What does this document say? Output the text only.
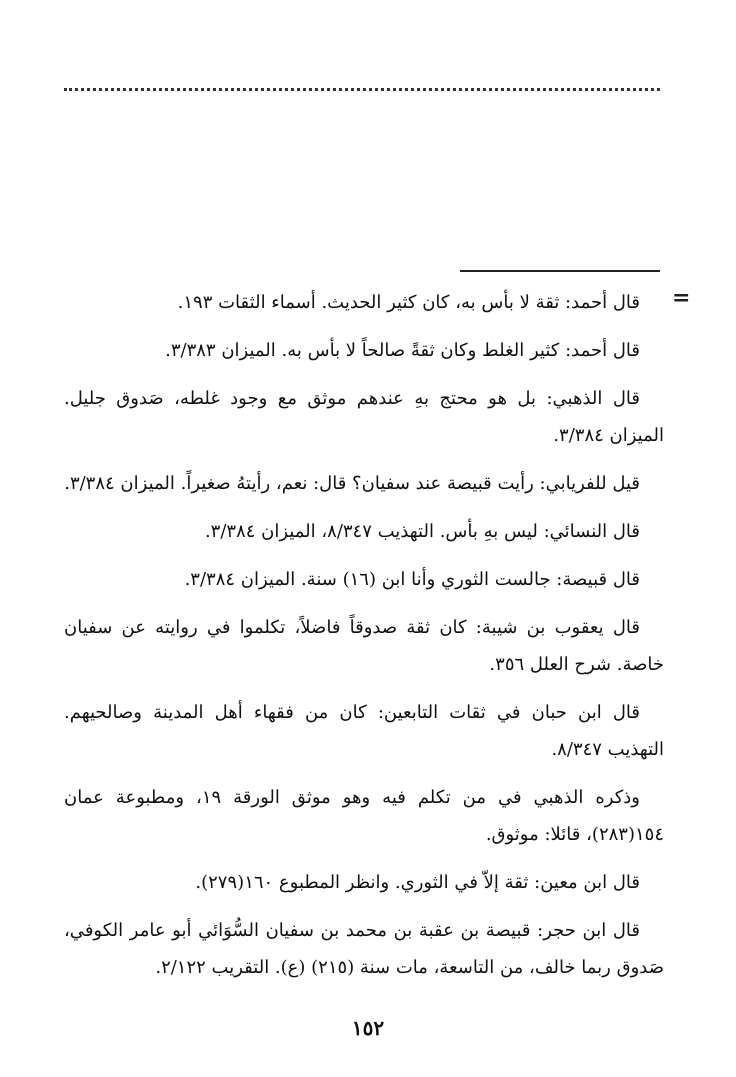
=

قال أحمد: ثقة لا بأس به، كان كثير الحديث. أسماء الثقات ١٩٣.

قال أحمد: كثير الغلط وكان ثقةً صالحاً لا بأس به. الميزان ٣/٣٨٣.

قال الذهبي: بل هو محتج بهِ عندهم موثق مع وجود غلطه، صَدوق جليل. الميزان ٣/٣٨٤.

قيل للفريابي: رأيت قبيصة عند سفيان؟ قال: نعم، رأيتهُ صغيراً. الميزان ٣/٣٨٤.

قال النسائي: ليس بهِ بأس. التهذيب ٨/٣٤٧، الميزان ٣/٣٨٤.

قال قبيصة: جالست الثوري وأنا ابن (١٦) سنة. الميزان ٣/٣٨٤.

قال يعقوب بن شيبة: كان ثقة صدوقاً فاضلاً، تكلموا في روايته عن سفيان خاصة. شرح العلل ٣٥٦.

قال ابن حبان في ثقات التابعين: كان من فقهاء أهل المدينة وصالحيهم. التهذيب ٨/٣٤٧.

وذكره الذهبي في من تكلم فيه وهو موثق الورقة ١٩، ومطبوعة عمان ١٥٤(٢٨٣)، قائلا: موثوق.

قال ابن معين: ثقة إلاّ في الثوري. وانظر المطبوع ١٦٠(٢٧٩).

قال ابن حجر: قبيصة بن عقبة بن محمد بن سفيان السُّوَائي أبو عامر الكوفي، صَدوق ربما خالف، من التاسعة، مات سنة (٢١٥) (ع). التقريب ٢/١٢٢.

١٥٢
